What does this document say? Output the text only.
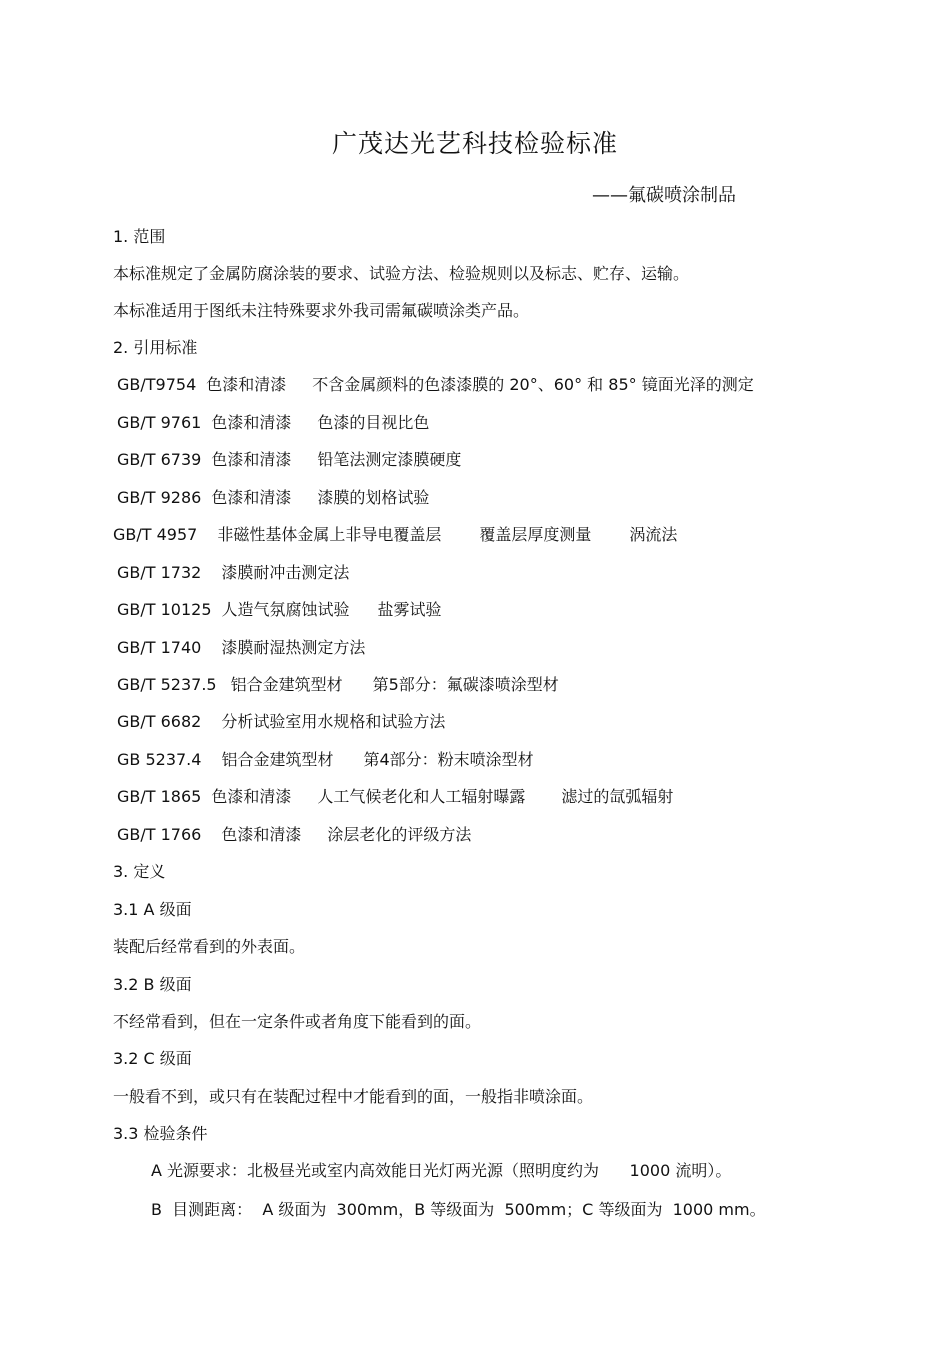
广茂达光艺科技检验标准
——氟碳喷涂制品
1. 范围
本标准规定了金属防腐涂装的要求、试验方法、检验规则以及标志、贮存、运输。
本标准适用于图纸未注特殊要求外我司需氟碳喷涂类产品。
2. 引用标准
GB/T9754 色漆和清漆 不含金属颜料的色漆漆膜的 20°、60° 和 85° 镜面光泽的测定
GB/T 9761 色漆和清漆 色漆的目视比色
GB/T 6739 色漆和清漆 铅笔法测定漆膜硬度
GB/T 9286 色漆和清漆 漆膜的划格试验
GB/T 4957 非磁性基体金属上非导电覆盖层 覆盖层厚度测量 涡流法
GB/T 1732 漆膜耐冲击测定法
GB/T 10125 人造气氛腐蚀试验 盐雾试验
GB/T 1740 漆膜耐湿热测定方法
GB/T 5237.5 铝合金建筑型材 第5部分：氟碳漆喷涂型材
GB/T 6682 分析试验室用水规格和试验方法
GB 5237.4 铝合金建筑型材 第4部分：粉末喷涂型材
GB/T 1865 色漆和清漆 人工气候老化和人工辐射曝露 滤过的氙弧辐射
GB/T 1766 色漆和清漆 涂层老化的评级方法
3. 定义
3.1 A 级面
装配后经常看到的外表面。
3.2 B 级面
不经常看到，但在一定条件或者角度下能看到的面。
3.2 C 级面
一般看不到，或只有在装配过程中才能看到的面，一般指非喷涂面。
3.3 检验条件
A 光源要求：北极昼光或室内高效能日光灯两光源（照明度约为      1000 流明）。
B  目测距离：  A 级面为  300mm，B 等级面为  500mm；C 等级面为  1000 mm。
